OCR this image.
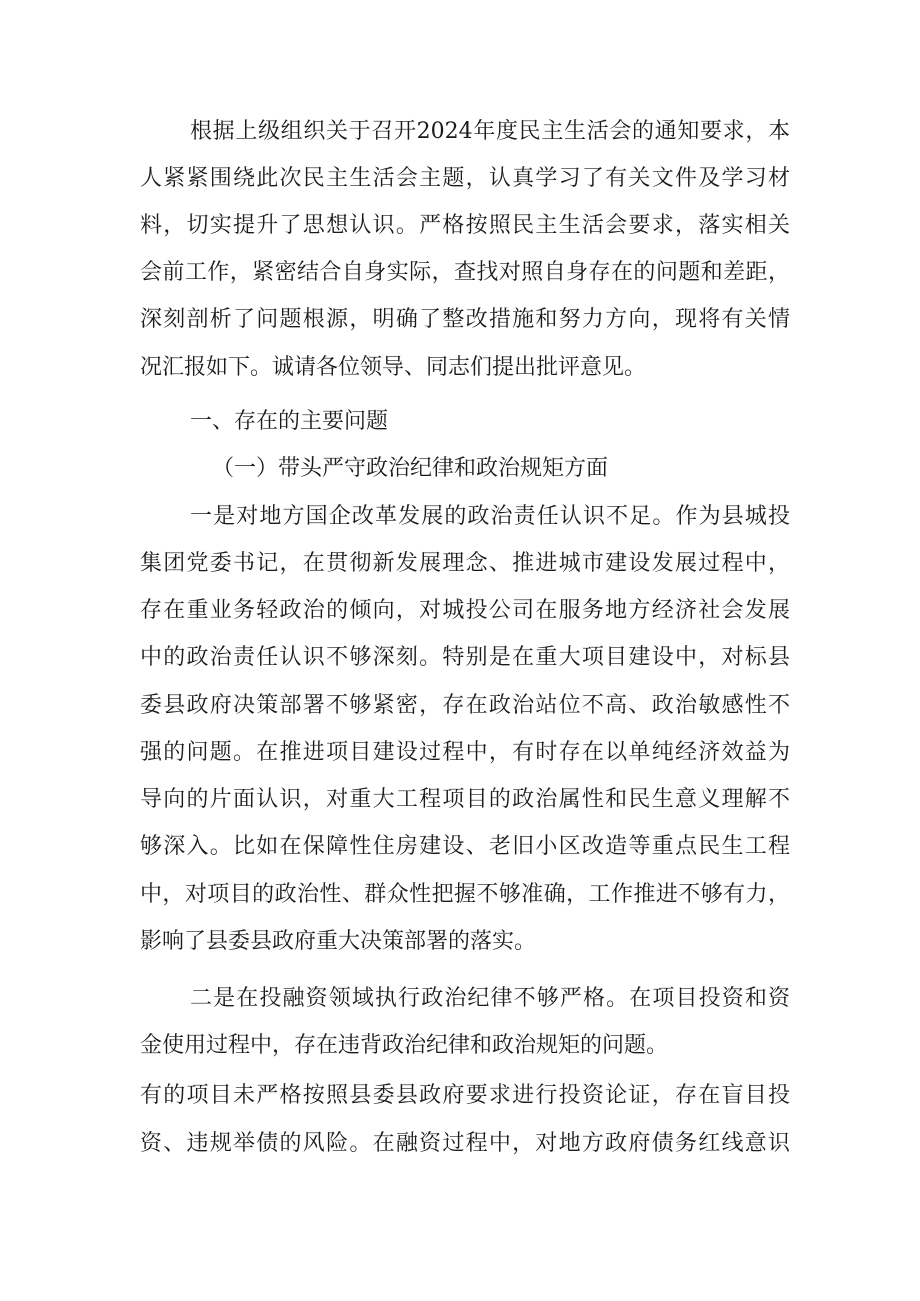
根据上级组织关于召开2024年度民主生活会的通知要求，本
人紧紧围绕此次民主生活会主题，认真学习了有关文件及学习材
料，切实提升了思想认识。严格按照民主生活会要求，落实相关
会前工作，紧密结合自身实际，查找对照自身存在的问题和差距，
深刻剖析了问题根源，明确了整改措施和努力方向，现将有关情
况汇报如下。诚请各位领导、同志们提出批评意见。
一、存在的主要问题
（一）带头严守政治纪律和政治规矩方面
一是对地方国企改革发展的政治责任认识不足。作为县城投
集团党委书记，在贯彻新发展理念、推进城市建设发展过程中，
存在重业务轻政治的倾向，对城投公司在服务地方经济社会发展
中的政治责任认识不够深刻。特别是在重大项目建设中，对标县
委县政府决策部署不够紧密，存在政治站位不高、政治敏感性不
强的问题。在推进项目建设过程中，有时存在以单纯经济效益为
导向的片面认识，对重大工程项目的政治属性和民生意义理解不
够深入。比如在保障性住房建设、老旧小区改造等重点民生工程
中，对项目的政治性、群众性把握不够准确，工作推进不够有力，
影响了县委县政府重大决策部署的落实。
二是在投融资领域执行政治纪律不够严格。在项目投资和资
金使用过程中，存在违背政治纪律和政治规矩的问题。
有的项目未严格按照县委县政府要求进行投资论证，存在盲目投
资、违规举债的风险。在融资过程中，对地方政府债务红线意识
